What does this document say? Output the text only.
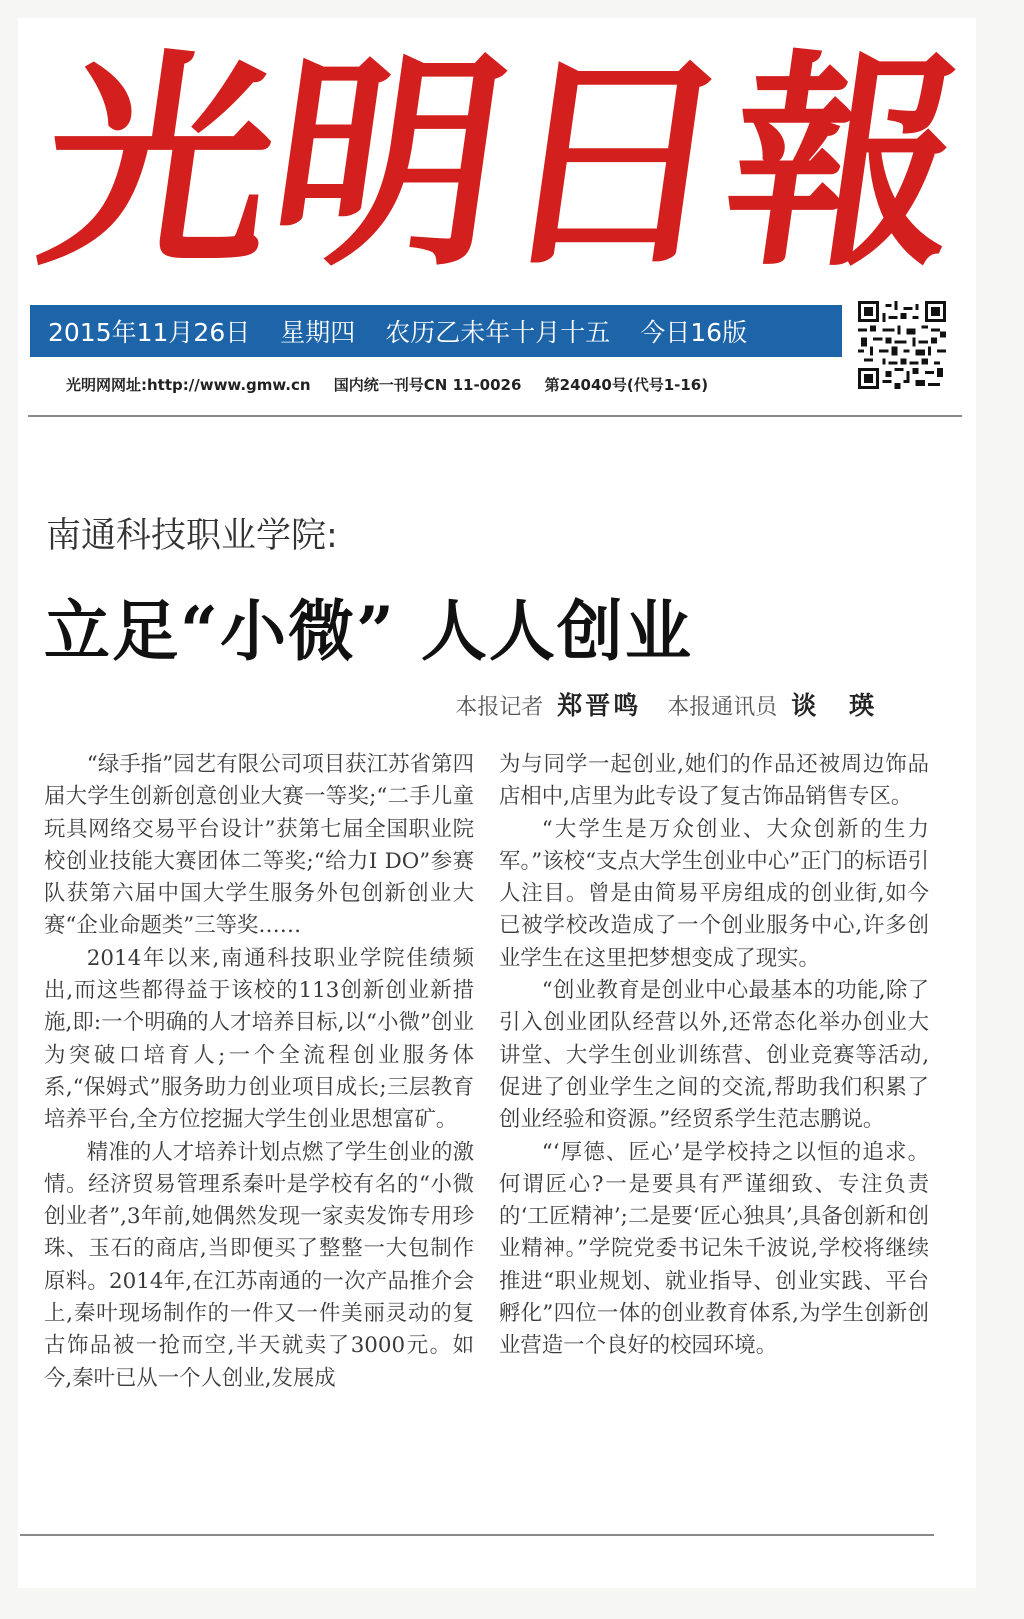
光
明
日
報
2015年11月26日 星期四 农历乙未年十月十五 今日16版
光明网网址:http://www.gmw.cn 国内统一刊号CN 11-0026 第24040号(代号1-16)
南通科技职业学院:
立足“小微” 人人创业
本报记者 郑晋鸣 本报通讯员 谈 瑛

“绿手指”园艺有限公司项目获江苏省第四届大学生创新创意创业大赛一等奖;“二手儿童玩具网络交易平台设计”获第七届全国职业院校创业技能大赛团体二等奖;“给力I DO”参赛队获第六届中国大学生服务外包创新创业大赛“企业命题类”三等奖……

2014年以来,南通科技职业学院佳绩频出,而这些都得益于该校的113创新创业新措施,即:一个明确的人才培养目标,以“小微”创业为突破口培育人;一个全流程创业服务体系,“保姆式”服务助力创业项目成长;三层教育培养平台,全方位挖掘大学生创业思想富矿。

精准的人才培养计划点燃了学生创业的激情。经济贸易管理系秦叶是学校有名的“小微创业者”,3年前,她偶然发现一家卖发饰专用珍珠、玉石的商店,当即便买了整整一大包制作原料。2014年,在江苏南通的一次产品推介会上,秦叶现场制作的一件又一件美丽灵动的复古饰品被一抢而空,半天就卖了3000元。如今,秦叶已从一个人创业,发展成

为与同学一起创业,她们的作品还被周边饰品店相中,店里为此专设了复古饰品销售专区。

“大学生是万众创业、大众创新的生力军。”该校“支点大学生创业中心”正门的标语引人注目。曾是由简易平房组成的创业街,如今已被学校改造成了一个创业服务中心,许多创业学生在这里把梦想变成了现实。

“创业教育是创业中心最基本的功能,除了引入创业团队经营以外,还常态化举办创业大讲堂、大学生创业训练营、创业竞赛等活动,促进了创业学生之间的交流,帮助我们积累了创业经验和资源。”经贸系学生范志鹏说。

“‘厚德、匠心’是学校持之以恒的追求。何谓匠心?一是要具有严谨细致、专注负责的‘工匠精神’;二是要‘匠心独具’,具备创新和创业精神。”学院党委书记朱千波说,学校将继续推进“职业规划、就业指导、创业实践、平台孵化”四位一体的创业教育体系,为学生创新创业营造一个良好的校园环境。
